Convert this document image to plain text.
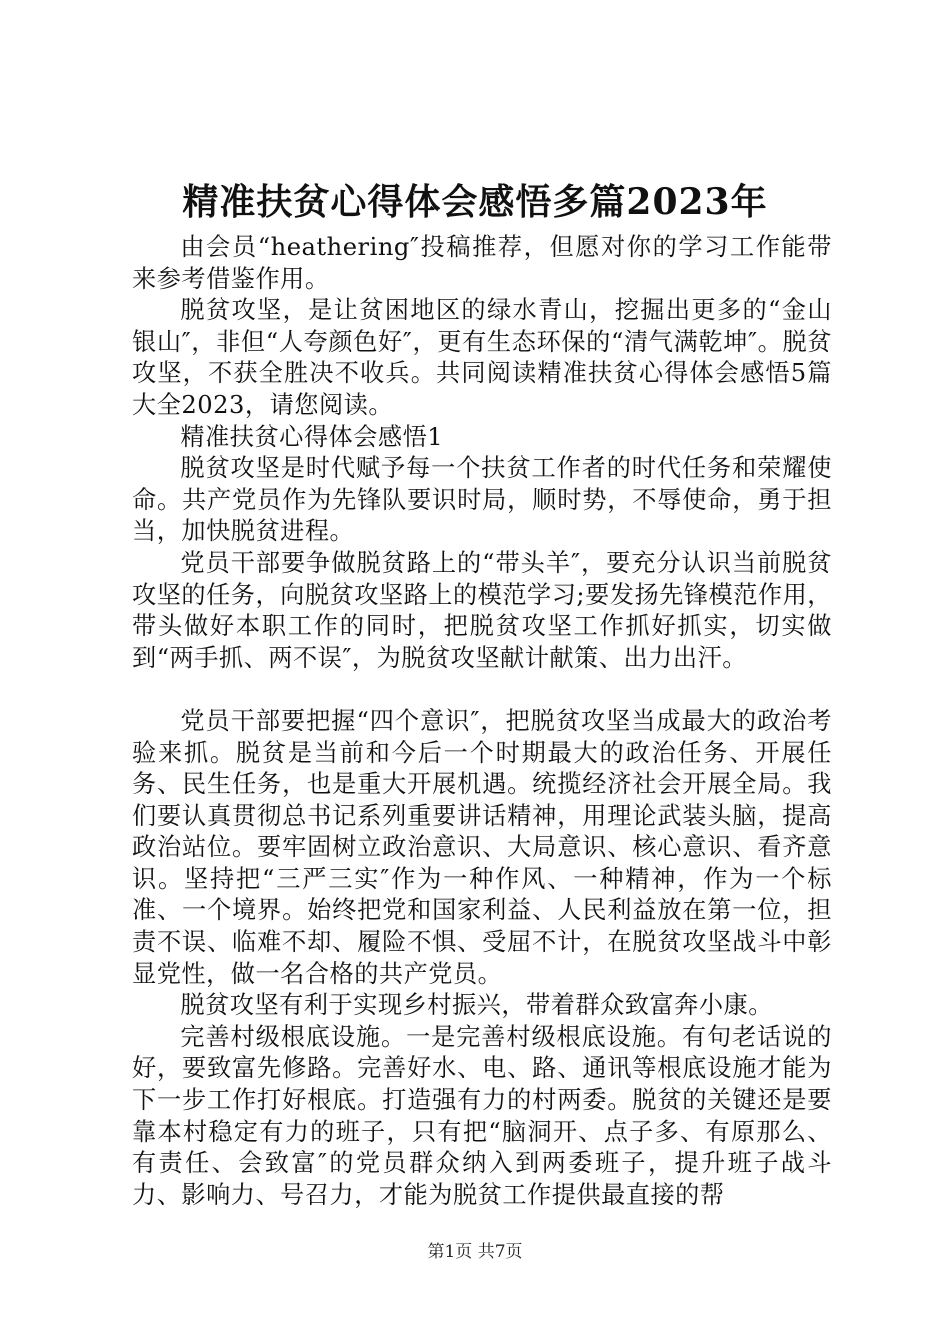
精准扶贫心得体会感悟多篇2023年

由会员“heathering″投稿推荐，但愿对你的学习工作能带来参考借鉴作用。

脱贫攻坚，是让贫困地区的绿水青山，挖掘出更多的“金山银山″，非但“人夸颜色好″，更有生态环保的“清气满乾坤″。脱贫攻坚，不获全胜决不收兵。共同阅读精准扶贫心得体会感悟5篇大全2023，请您阅读。

精准扶贫心得体会感悟1

脱贫攻坚是时代赋予每一个扶贫工作者的时代任务和荣耀使命。共产党员作为先锋队要识时局，顺时势，不辱使命，勇于担当，加快脱贫进程。

党员干部要争做脱贫路上的“带头羊″，要充分认识当前脱贫攻坚的任务，向脱贫攻坚路上的模范学习;要发扬先锋模范作用，带头做好本职工作的同时，把脱贫攻坚工作抓好抓实，切实做到“两手抓、两不误″，为脱贫攻坚献计献策、出力出汗。

党员干部要把握“四个意识″，把脱贫攻坚当成最大的政治考验来抓。脱贫是当前和今后一个时期最大的政治任务、开展任务、民生任务，也是重大开展机遇。统揽经济社会开展全局。我们要认真贯彻总书记系列重要讲话精神，用理论武装头脑，提高政治站位。要牢固树立政治意识、大局意识、核心意识、看齐意识。坚持把“三严三实″作为一种作风、一种精神，作为一个标准、一个境界。始终把党和国家利益、人民利益放在第一位，担责不误、临难不却、履险不惧、受屈不计，在脱贫攻坚战斗中彰显党性，做一名合格的共产党员。

脱贫攻坚有利于实现乡村振兴，带着群众致富奔小康。

完善村级根底设施。一是完善村级根底设施。有句老话说的好，要致富先修路。完善好水、电、路、通讯等根底设施才能为下一步工作打好根底。打造强有力的村两委。脱贫的关键还是要靠本村稳定有力的班子，只有把“脑洞开、点子多、有原那么、有责任、会致富″的党员群众纳入到两委班子，提升班子战斗力、影响力、号召力，才能为脱贫工作提供最直接的帮

第1页 共7页
